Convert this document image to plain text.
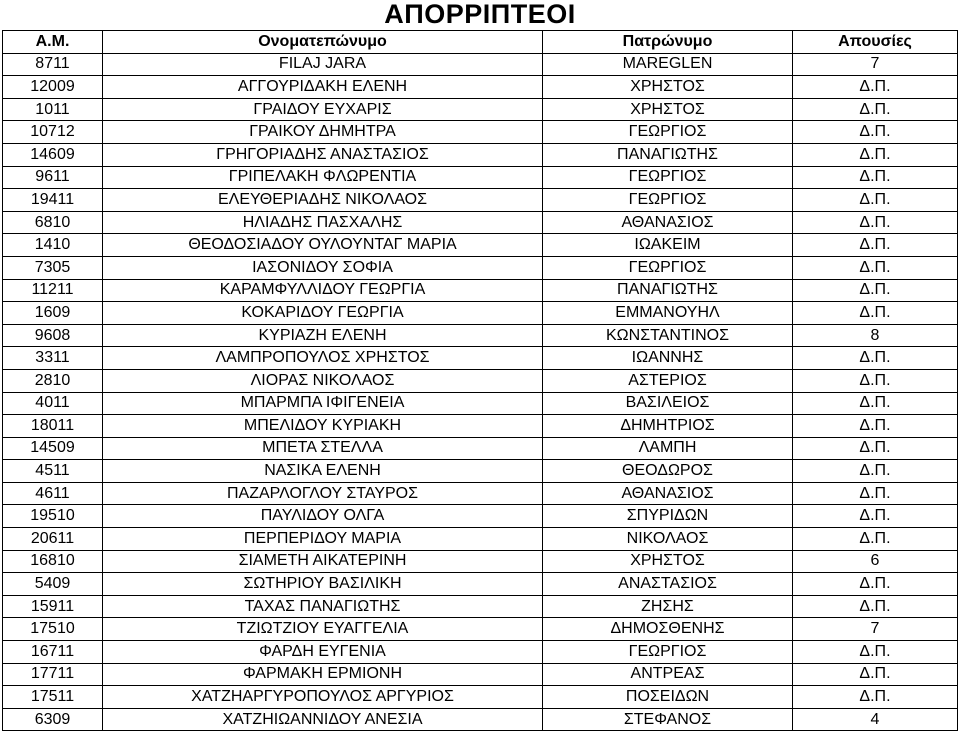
ΑΠΟΡΡΙΠΤΕΟΙ
Α.Μ.	Ονοματεπώνυμο	Πατρώνυμο	Απουσίες
8711	FILAJ JARA	MAREGLEN	7
12009	ΑΓΓΟΥΡΙΔΑΚΗ ΕΛΕΝΗ	ΧΡΗΣΤΟΣ	Δ.Π.
1011	ΓΡΑΙΔΟΥ ΕΥΧΑΡΙΣ	ΧΡΗΣΤΟΣ	Δ.Π.
10712	ΓΡΑΙΚΟΥ ΔΗΜΗΤΡΑ	ΓΕΩΡΓΙΟΣ	Δ.Π.
14609	ΓΡΗΓΟΡΙΑΔΗΣ ΑΝΑΣΤΑΣΙΟΣ	ΠΑΝΑΓΙΩΤΗΣ	Δ.Π.
9611	ΓΡΙΠΕΛΑΚΗ ΦΛΩΡΕΝΤΙΑ	ΓΕΩΡΓΙΟΣ	Δ.Π.
19411	ΕΛΕΥΘΕΡΙΑΔΗΣ ΝΙΚΟΛΑΟΣ	ΓΕΩΡΓΙΟΣ	Δ.Π.
6810	ΗΛΙΑΔΗΣ ΠΑΣΧΑΛΗΣ	ΑΘΑΝΑΣΙΟΣ	Δ.Π.
1410	ΘΕΟΔΟΣΙΑΔΟΥ ΟΥΛΟΥΝΤΑΓ ΜΑΡΙΑ	ΙΩΑΚΕΙΜ	Δ.Π.
7305	ΙΑΣΟΝΙΔΟΥ ΣΟΦΙΑ	ΓΕΩΡΓΙΟΣ	Δ.Π.
11211	ΚΑΡΑΜΦΥΛΛΙΔΟΥ ΓΕΩΡΓΙΑ	ΠΑΝΑΓΙΩΤΗΣ	Δ.Π.
1609	ΚΟΚΑΡΙΔΟΥ ΓΕΩΡΓΙΑ	ΕΜΜΑΝΟΥΗΛ	Δ.Π.
9608	ΚΥΡΙΑΖΗ ΕΛΕΝΗ	ΚΩΝΣΤΑΝΤΙΝΟΣ	8
3311	ΛΑΜΠΡΟΠΟΥΛΟΣ ΧΡΗΣΤΟΣ	ΙΩΑΝΝΗΣ	Δ.Π.
2810	ΛΙΟΡΑΣ ΝΙΚΟΛΑΟΣ	ΑΣΤΕΡΙΟΣ	Δ.Π.
4011	ΜΠΑΡΜΠΑ ΙΦΙΓΕΝΕΙΑ	ΒΑΣΙΛΕΙΟΣ	Δ.Π.
18011	ΜΠΕΛΙΔΟΥ ΚΥΡΙΑΚΗ	ΔΗΜΗΤΡΙΟΣ	Δ.Π.
14509	ΜΠΕΤΑ ΣΤΕΛΛΑ	ΛΑΜΠΗ	Δ.Π.
4511	ΝΑΣΙΚΑ ΕΛΕΝΗ	ΘΕΟΔΩΡΟΣ	Δ.Π.
4611	ΠΑΖΑΡΛΟΓΛΟΥ ΣΤΑΥΡΟΣ	ΑΘΑΝΑΣΙΟΣ	Δ.Π.
19510	ΠΑΥΛΙΔΟΥ ΟΛΓΑ	ΣΠΥΡΙΔΩΝ	Δ.Π.
20611	ΠΕΡΠΕΡΙΔΟΥ ΜΑΡΙΑ	ΝΙΚΟΛΑΟΣ	Δ.Π.
16810	ΣΙΑΜΕΤΗ ΑΙΚΑΤΕΡΙΝΗ	ΧΡΗΣΤΟΣ	6
5409	ΣΩΤΗΡΙΟΥ ΒΑΣΙΛΙΚΗ	ΑΝΑΣΤΑΣΙΟΣ	Δ.Π.
15911	ΤΑΧΑΣ ΠΑΝΑΓΙΩΤΗΣ	ΖΗΣΗΣ	Δ.Π.
17510	ΤΖΙΩΤΖΙΟΥ ΕΥΑΓΓΕΛΙΑ	ΔΗΜΟΣΘΕΝΗΣ	7
16711	ΦΑΡΔΗ ΕΥΓΕΝΙΑ	ΓΕΩΡΓΙΟΣ	Δ.Π.
17711	ΦΑΡΜΑΚΗ ΕΡΜΙΟΝΗ	ΑΝΤΡΕΑΣ	Δ.Π.
17511	ΧΑΤΖΗΑΡΓΥΡΟΠΟΥΛΟΣ ΑΡΓΥΡΙΟΣ	ΠΟΣΕΙΔΩΝ	Δ.Π.
6309	ΧΑΤΖΗΙΩΑΝΝΙΔΟΥ ΑΝΕΣΙΑ	ΣΤΕΦΑΝΟΣ	4
